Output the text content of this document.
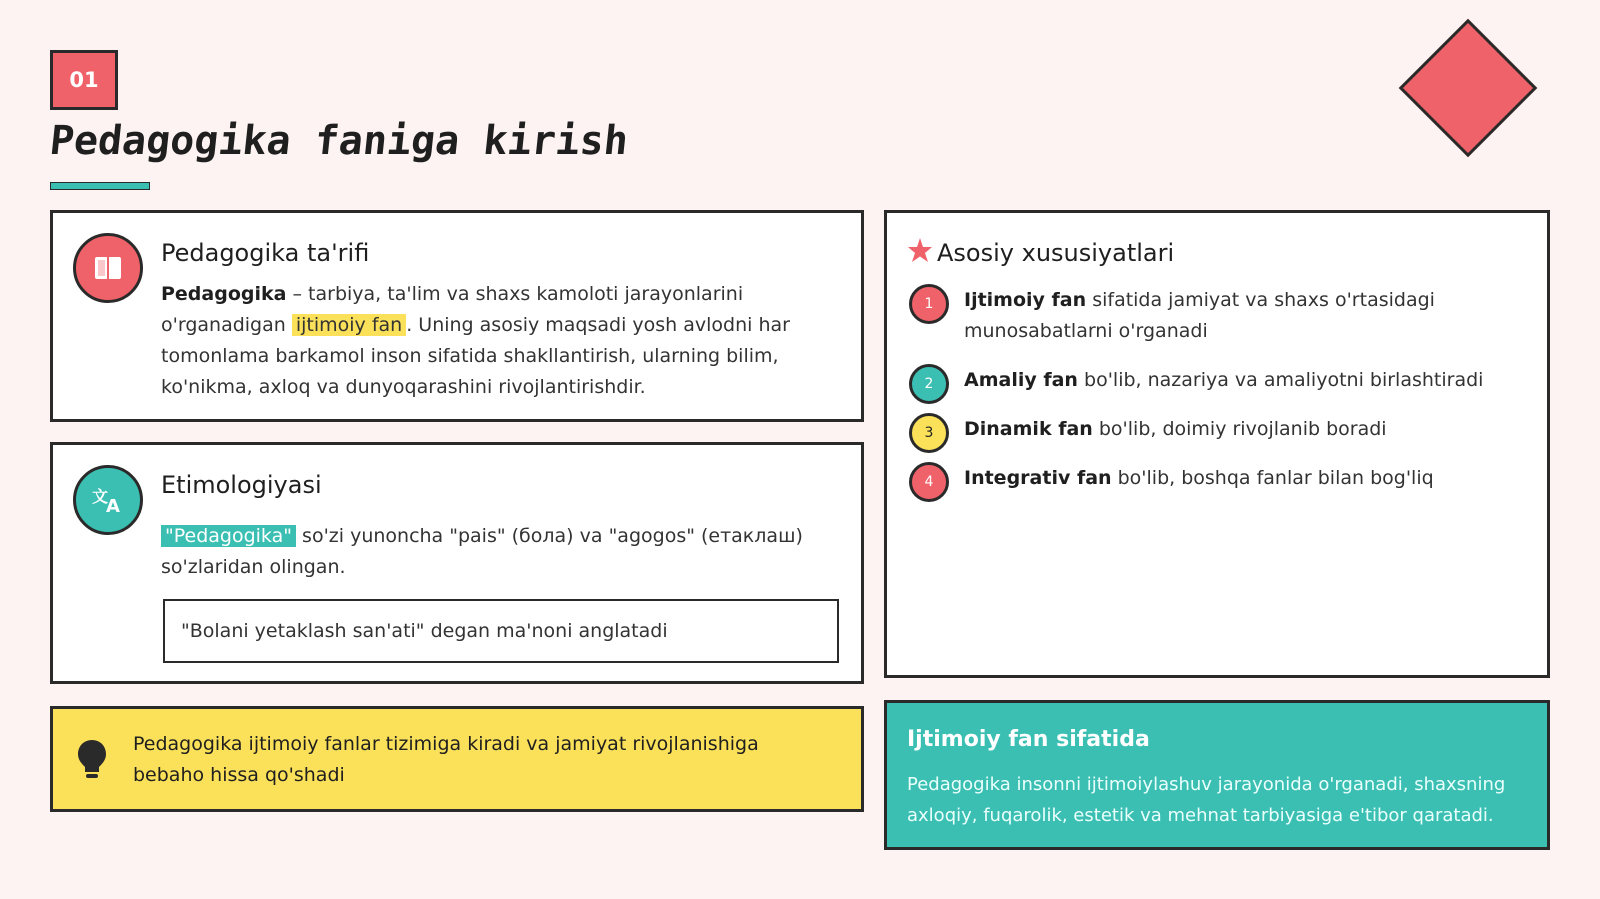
01
Pedagogika faniga kirish
Pedagogika ta'rifi
Pedagogika – tarbiya, ta'lim va shaxs kamoloti jarayonlarini o'rganadigan ijtimoiy fan . Uning asosiy maqsadi yosh avlodni har tomonlama barkamol inson sifatida shakllantirish, ularning bilim, ko'nikma, axloq va dunyoqarashini rivojlantirishdir.
文
A
Etimologiyasi
"Pedagogika" so'zi yunoncha "pais" (бола) va "agogos" (етаклаш) so'zlaridan olingan.
"Bolani yetaklash san'ati" degan ma'noni anglatadi
Asosiy xususiyatlari
1	Ijtimoiy fan sifatida jamiyat va shaxs o'rtasidagi munosabatlarni o'rganadi
2	Amaliy fan bo'lib, nazariya va amaliyotni birlashtiradi
3	Dinamik fan bo'lib, doimiy rivojlanib boradi
4	Integrativ fan bo'lib, boshqa fanlar bilan bog'liq
Pedagogika ijtimoiy fanlar tizimiga kiradi va jamiyat rivojlanishiga bebaho hissa qo'shadi
Ijtimoiy fan sifatida
Pedagogika insonni ijtimoiylashuv jarayonida o'rganadi, shaxsning axloqiy, fuqarolik, estetik va mehnat tarbiyasiga e'tibor qaratadi.
